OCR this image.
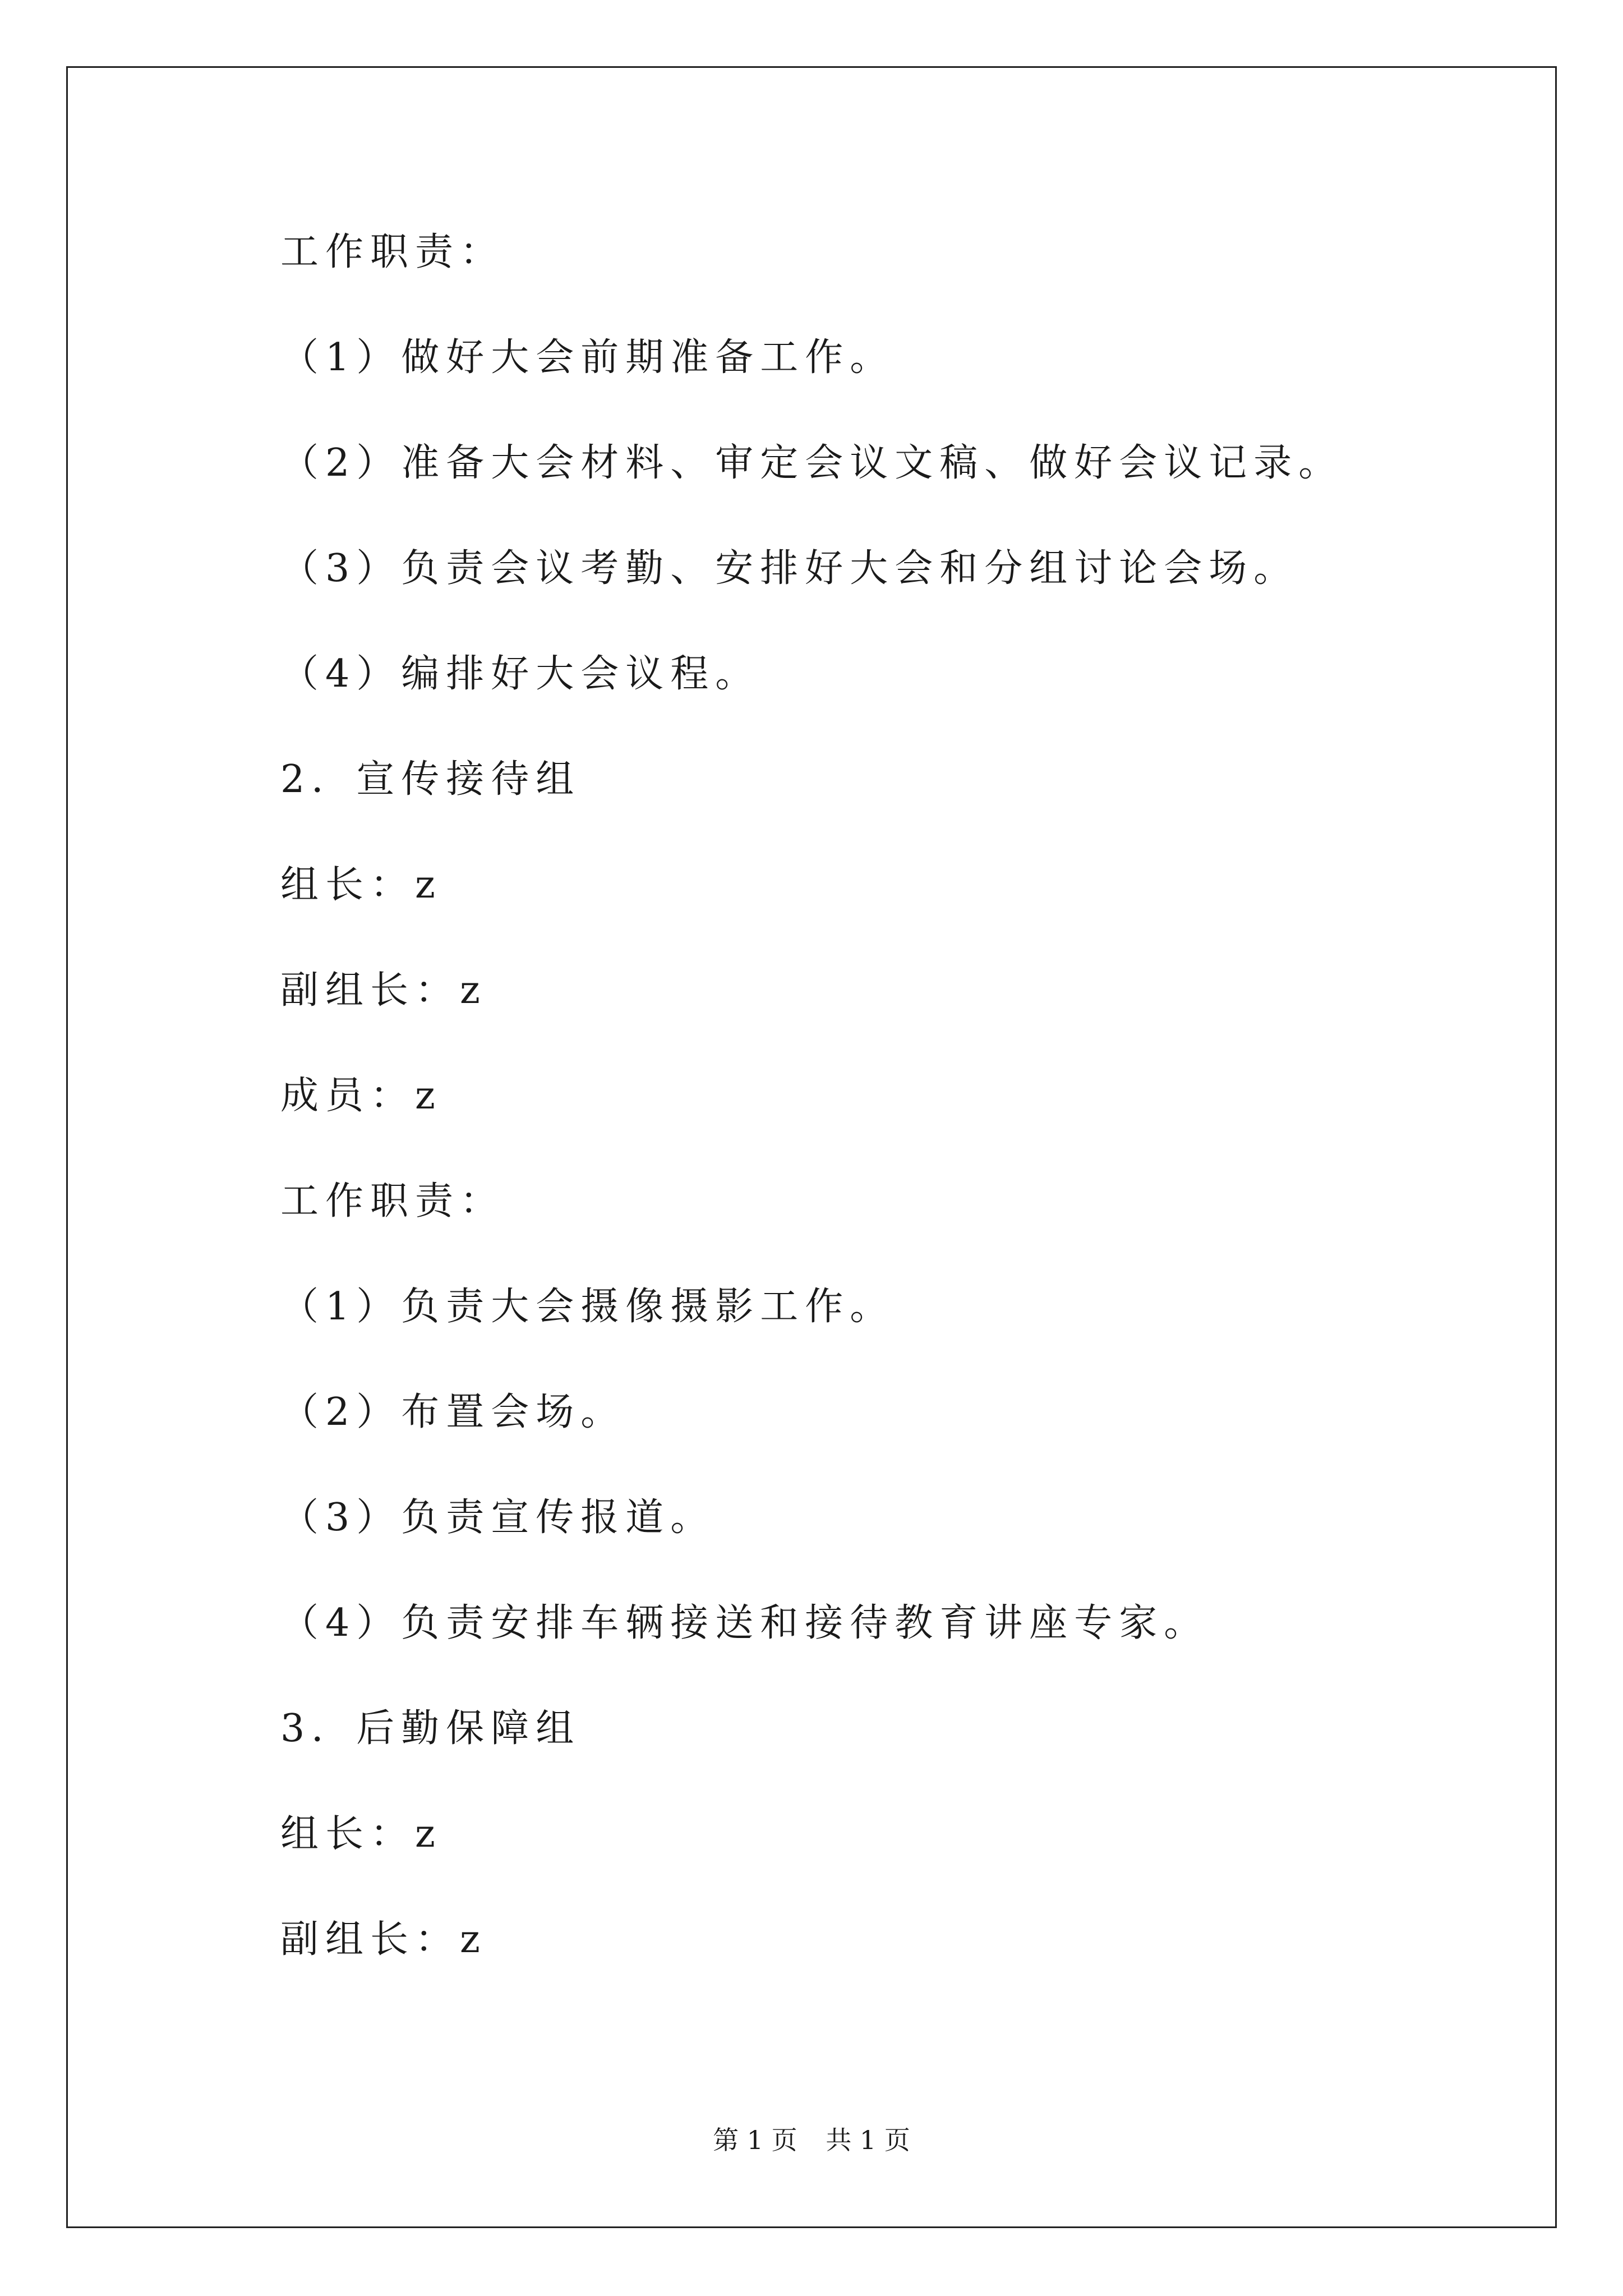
工作职责：
（1）做好大会前期准备工作。
（2）准备大会材料、审定会议文稿、做好会议记录。
（3）负责会议考勤、安排好大会和分组讨论会场。
（4）编排好大会议程。
2．宣传接待组
组长：z
副组长：z
成员：z
工作职责：
（1）负责大会摄像摄影工作。
（2）布置会场。
（3）负责宣传报道。
（4）负责安排车辆接送和接待教育讲座专家。
3．后勤保障组
组长：z
副组长：z
第 1 页 共 1 页
